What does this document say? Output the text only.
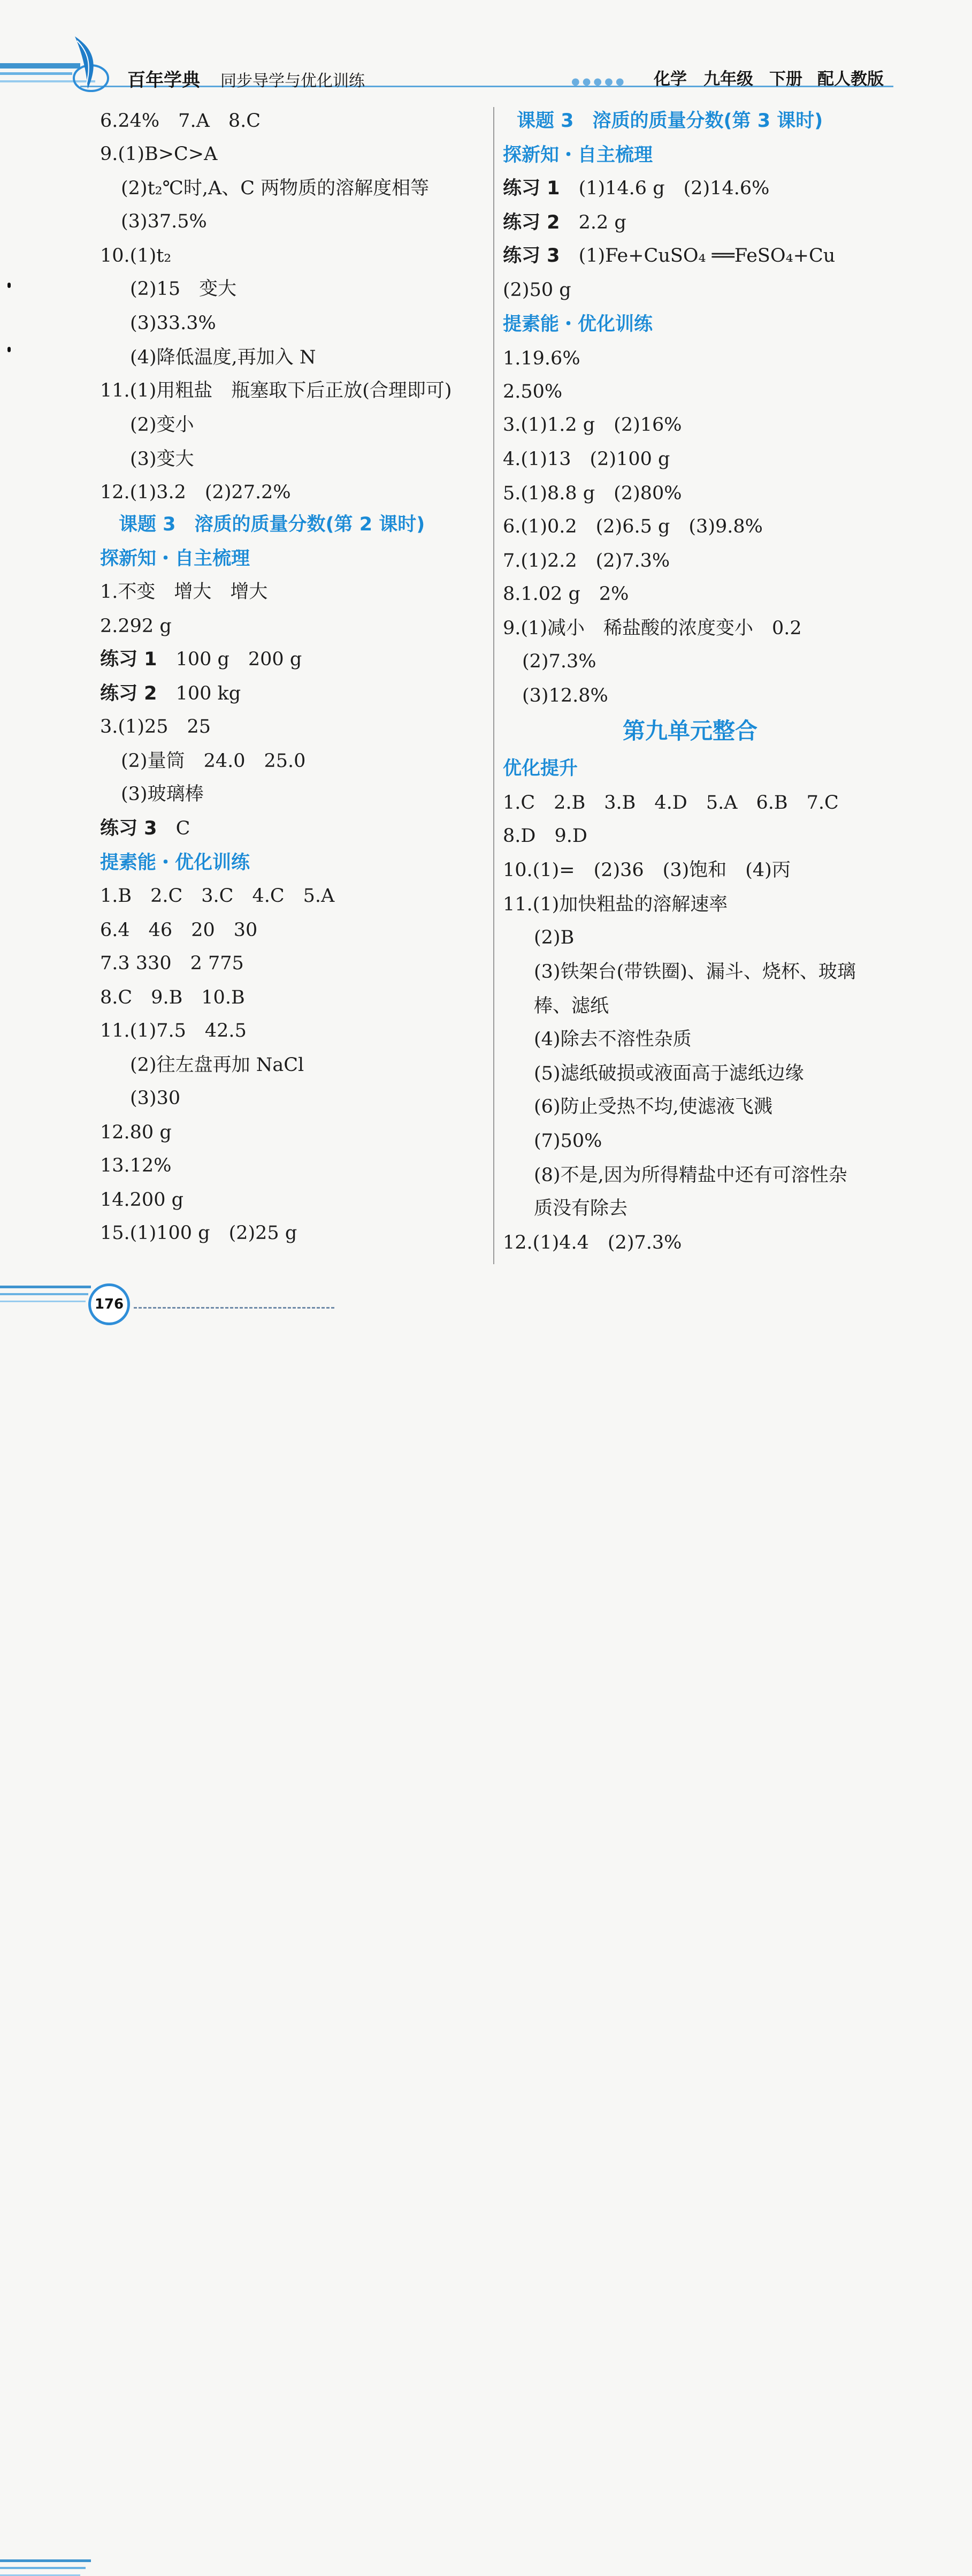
百年学典 同步导学与优化训练	●●●●● 化学 九年级 下册 配人教版
6.24%　7.A　8.C
9.(1)B>C>A
(2)t₂℃时,A、C 两物质的溶解度相等
(3)37.5%
10.(1)t₂
(2)15　变大
(3)33.3%
(4)降低温度,再加入 N
11.(1)用粗盐　瓶塞取下后正放(合理即可)
(2)变小
(3)变大
12.(1)3.2　(2)27.2%
课题 3　溶质的质量分数(第 2 课时)
探新知・自主梳理
1.不变　增大　增大
2.292 g
练习 1　 100 g　200 g
练习 2　 100 kg
3.(1)25　25
(2)量筒　24.0　25.0
(3)玻璃棒
练习 3　 C
提素能・优化训练
1.B　2.C　3.C　4.C　5.A
6.4　46　20　30
7.3 330　2 775
8.C　9.B　10.B
11.(1)7.5　42.5
(2)往左盘再加 NaCl
(3)30
12.80 g
13.12%
14.200 g
15.(1)100 g　(2)25 g
课题 3　溶质的质量分数(第 3 课时)
探新知・自主梳理
练习 1　 (1)14.6 g　(2)14.6%
练习 2　 2.2 g
练习 3　 (1)Fe+CuSO₄ ══FeSO₄+Cu
(2)50 g
提素能・优化训练
1.19.6%
2.50%
3.(1)1.2 g　(2)16%
4.(1)13　(2)100 g
5.(1)8.8 g　(2)80%
6.(1)0.2　(2)6.5 g　(3)9.8%
7.(1)2.2　(2)7.3%
8.1.02 g　2%
9.(1)减小　稀盐酸的浓度变小　0.2
(2)7.3%
(3)12.8%
第九单元整合
优化提升
1.C　2.B　3.B　4.D　5.A　6.B　7.C
8.D　9.D
10.(1)=　(2)36　(3)饱和　(4)丙
11.(1)加快粗盐的溶解速率
(2)B
(3)铁架台(带铁圈)、漏斗、烧杯、玻璃
棒、滤纸
(4)除去不溶性杂质
(5)滤纸破损或液面高于滤纸边缘
(6)防止受热不均,使滤液飞溅
(7)50%
(8)不是,因为所得精盐中还有可溶性杂
质没有除去
12.(1)4.4　(2)7.3%
176
